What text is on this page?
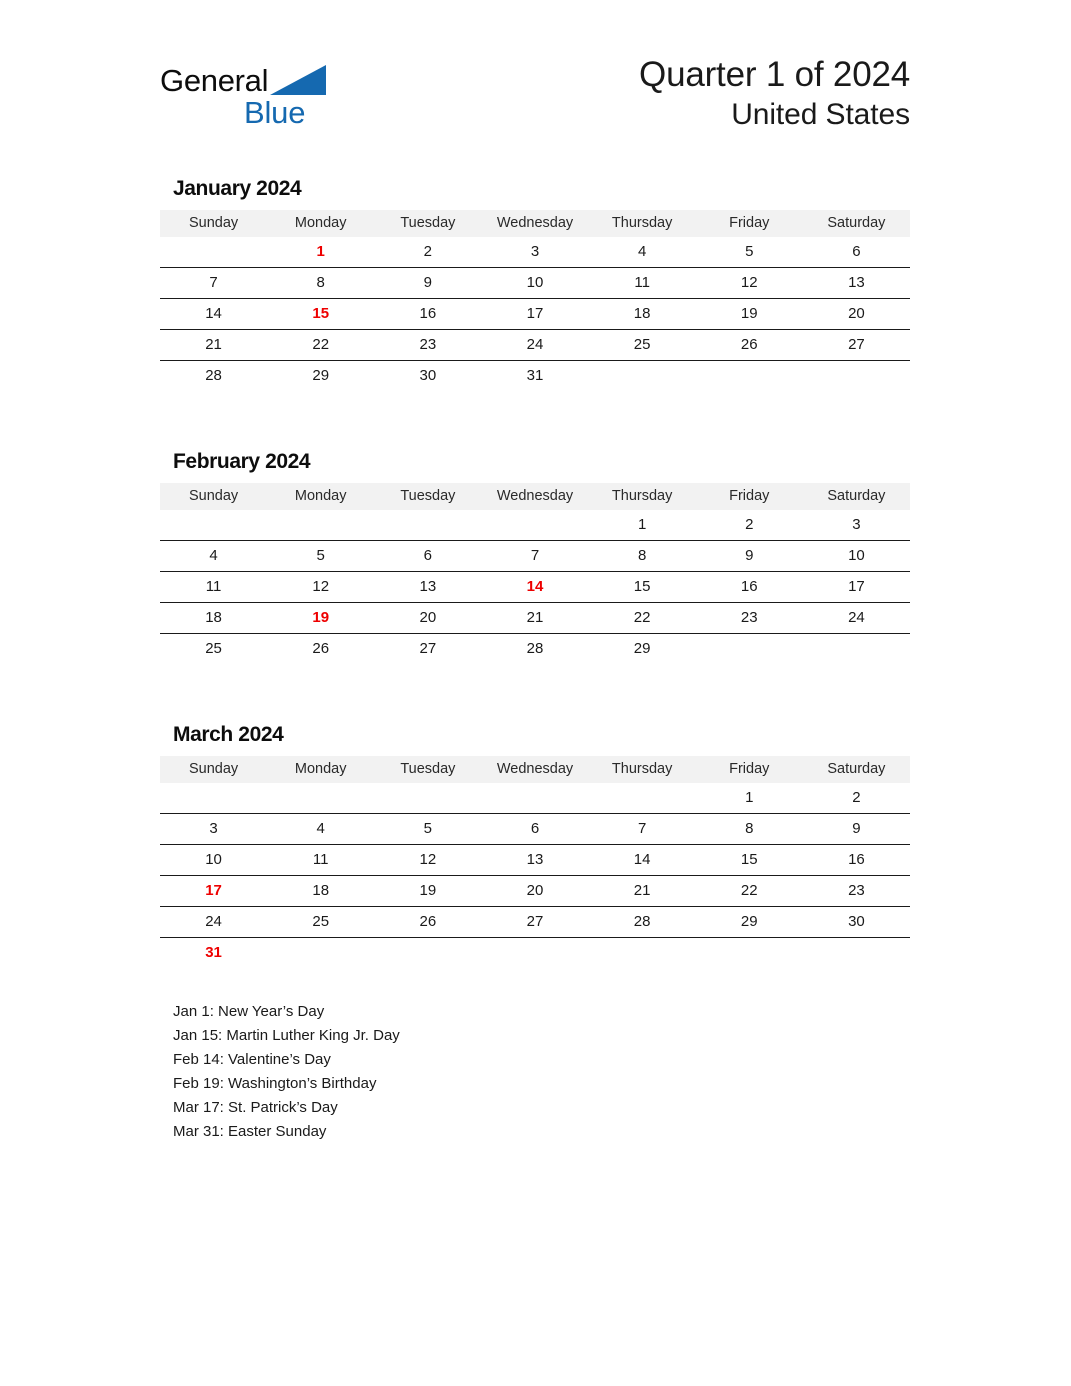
General
Blue
Quarter 1 of 2024
United States
January 2024
Sunday	Monday	Tuesday	Wednesday	Thursday	Friday	Saturday
	1	2	3	4	5	6
7	8	9	10	11	12	13
14	15	16	17	18	19	20
21	22	23	24	25	26	27
28	29	30	31			
February 2024
Sunday	Monday	Tuesday	Wednesday	Thursday	Friday	Saturday
				1	2	3
4	5	6	7	8	9	10
11	12	13	14	15	16	17
18	19	20	21	22	23	24
25	26	27	28	29		
March 2024
Sunday	Monday	Tuesday	Wednesday	Thursday	Friday	Saturday
					1	2
3	4	5	6	7	8	9
10	11	12	13	14	15	16
17	18	19	20	21	22	23
24	25	26	27	28	29	30
31						
Jan 1: New Year’s Day
Jan 15: Martin Luther King Jr. Day
Feb 14: Valentine’s Day
Feb 19: Washington’s Birthday
Mar 17: St. Patrick’s Day
Mar 31: Easter Sunday
